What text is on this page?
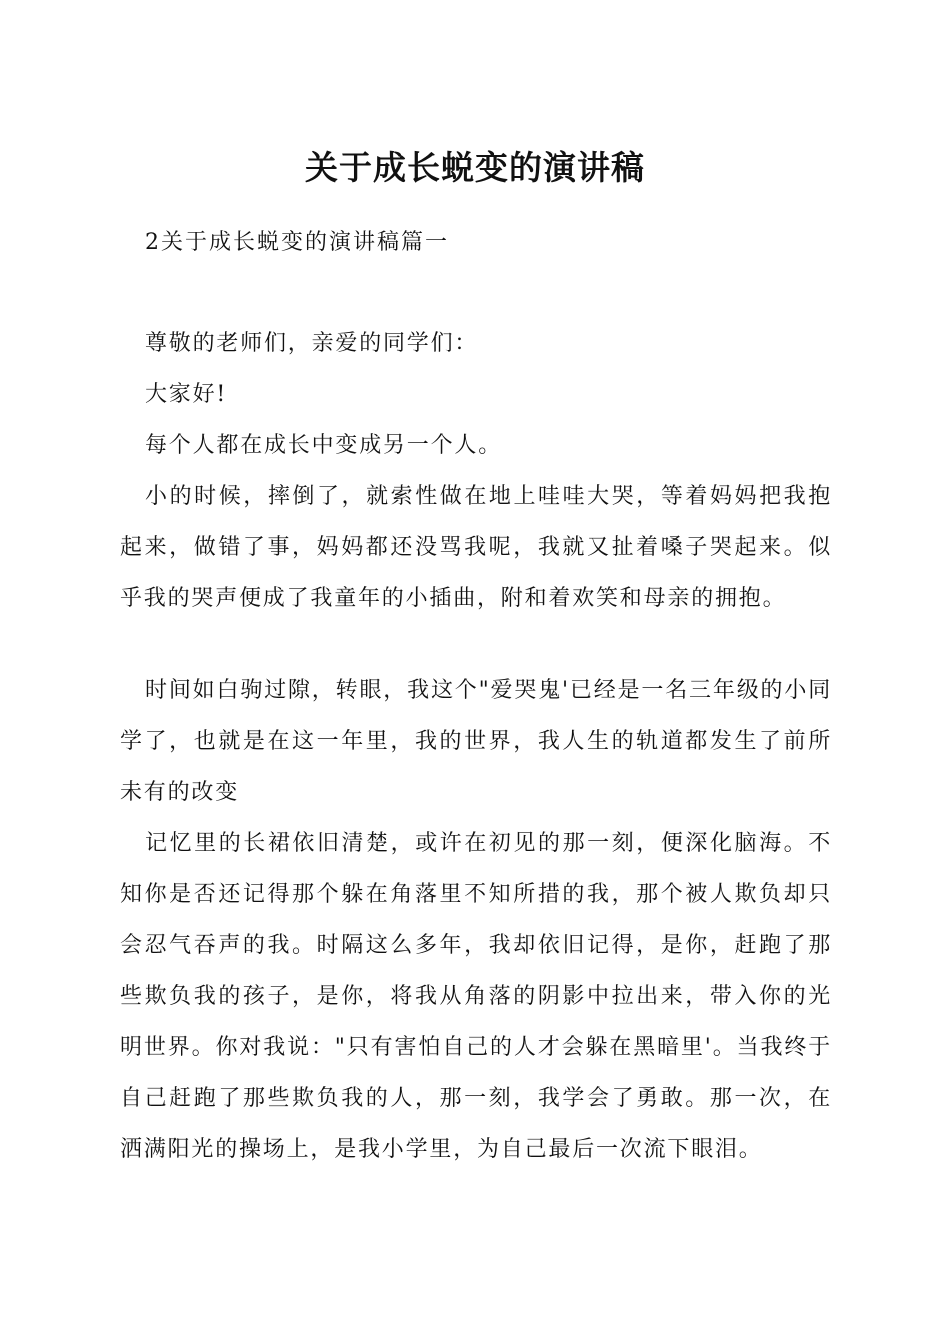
关于成长蜕变的演讲稿
2关于成长蜕变的演讲稿篇一

尊敬的老师们，亲爱的同学们：

大家好!

每个人都在成长中变成另一个人。

小的时候，摔倒了，就索性做在地上哇哇大哭，等着妈妈把我抱起来，做错了事，妈妈都还没骂我呢，我就又扯着嗓子哭起来。似乎我的哭声便成了我童年的小插曲，附和着欢笑和母亲的拥抱。

时间如白驹过隙，转眼，我这个"爱哭鬼'已经是一名三年级的小同学了，也就是在这一年里，我的世界，我人生的轨道都发生了前所未有的改变

记忆里的长裙依旧清楚，或许在初见的那一刻，便深化脑海。不知你是否还记得那个躲在角落里不知所措的我，那个被人欺负却只会忍气吞声的我。时隔这么多年，我却依旧记得，是你，赶跑了那些欺负我的孩子，是你，将我从角落的阴影中拉出来，带入你的光明世界。你对我说："只有害怕自己的人才会躲在黑暗里'。当我终于自己赶跑了那些欺负我的人，那一刻，我学会了勇敢。那一次，在洒满阳光的操场上，是我小学里，为自己最后一次流下眼泪。
